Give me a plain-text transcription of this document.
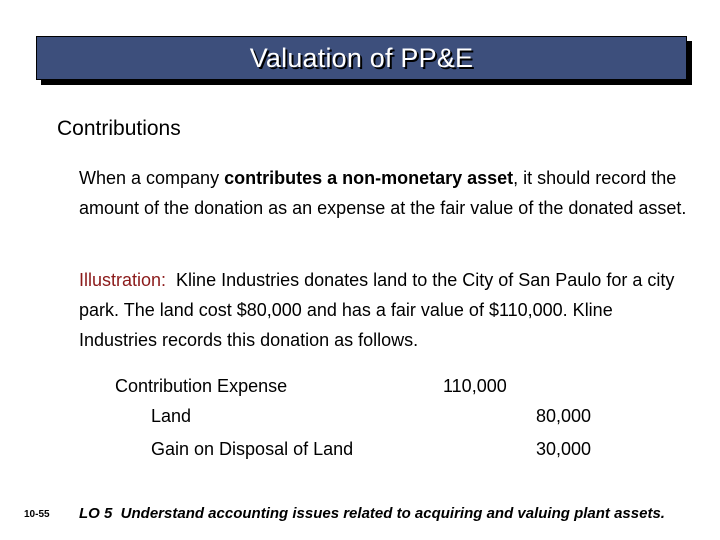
Valuation of PP&E
Contributions
When a company contributes a non-monetary asset, it should record the amount of the donation as an expense at the fair value of the donated asset.
Illustration:  Kline Industries donates land to the City of San Paulo for a city park. The land cost $80,000 and has a fair value of $110,000. Kline Industries records this donation as follows.
Contribution Expense	110,000
Land	80,000
Gain on Disposal of Land	30,000
10-55 LO 5  Understand accounting issues related to acquiring and valuing plant assets.
